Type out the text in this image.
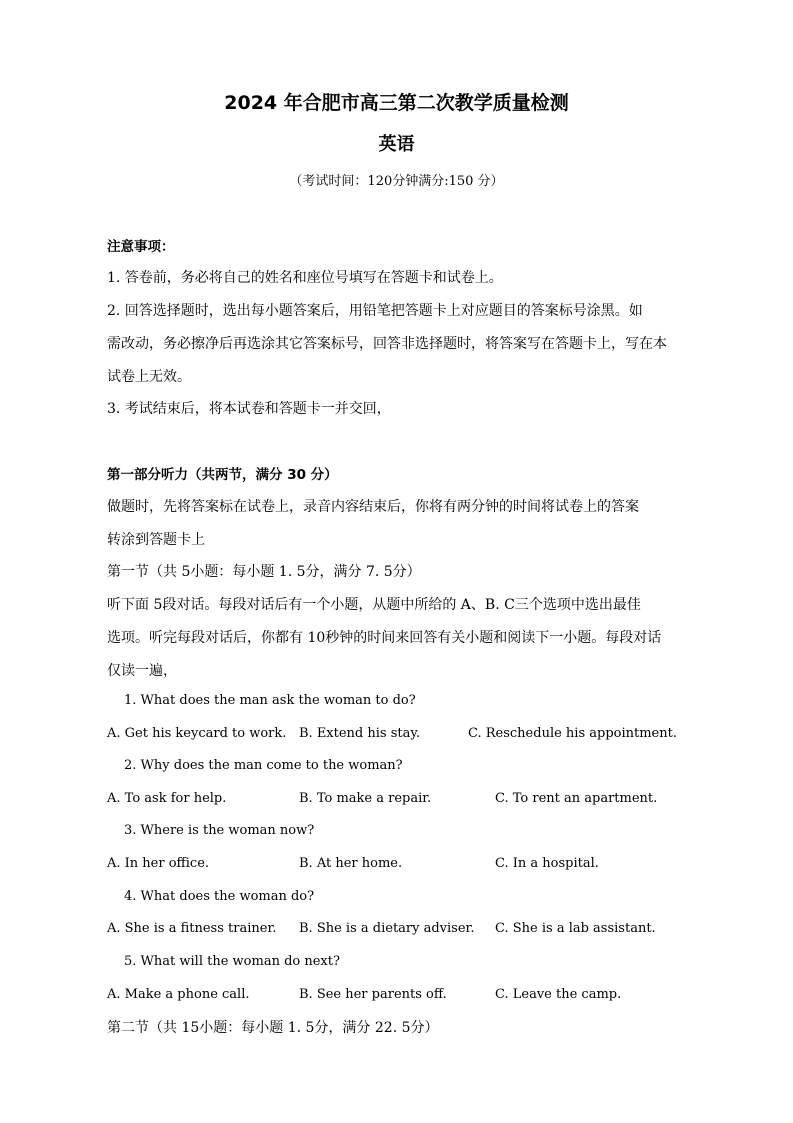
2024 年合肥市高三第二次教学质量检测
英语
（考试时间：120分钟满分:150 分）
注意事项：
1. 答卷前，务必将自己的姓名和座位号填写在答题卡和试卷上。
2. 回答选择题时，选出每小题答案后，用铅笔把答题卡上对应题目的答案标号涂黑。如
需改动，务必擦净后再选涂其它答案标号，回答非选择题时，将答案写在答题卡上，写在本
试卷上无效。
3. 考试结束后，将本试卷和答题卡一并交回，
第一部分听力（共两节，满分 30 分）
做题时，先将答案标在试卷上，录音内容结束后，你将有两分钟的时间将试卷上的答案
转涂到答题卡上
第一节（共 5小题：每小题 1. 5分，满分 7. 5分）
听下面 5段对话。每段对话后有一个小题，从题中所给的 A、B. C三个选项中选出最佳
选项。听完每段对话后，你都有 10秒钟的时间来回答有关小题和阅读下一小题。每段对话
仅读一遍，
1. What does the man ask the woman to do?
A. Get his keycard to work. B. Extend his stay.	C. Reschedule his appointment.
2. Why does the man come to the woman?
A. To ask for help.	B. To make a repair.	C. To rent an apartment.
3. Where is the woman now?
A. In her office.	B. At her home.	C. In a hospital.
4. What does the woman do?
A. She is a fitness trainer. B. She is a dietary adviser. C. She is a lab assistant.
5. What will the woman do next?
A. Make a phone call.	B. See her parents off.	C. Leave the camp.
第二节（共 15小题：每小题 1. 5分，满分 22. 5分）
